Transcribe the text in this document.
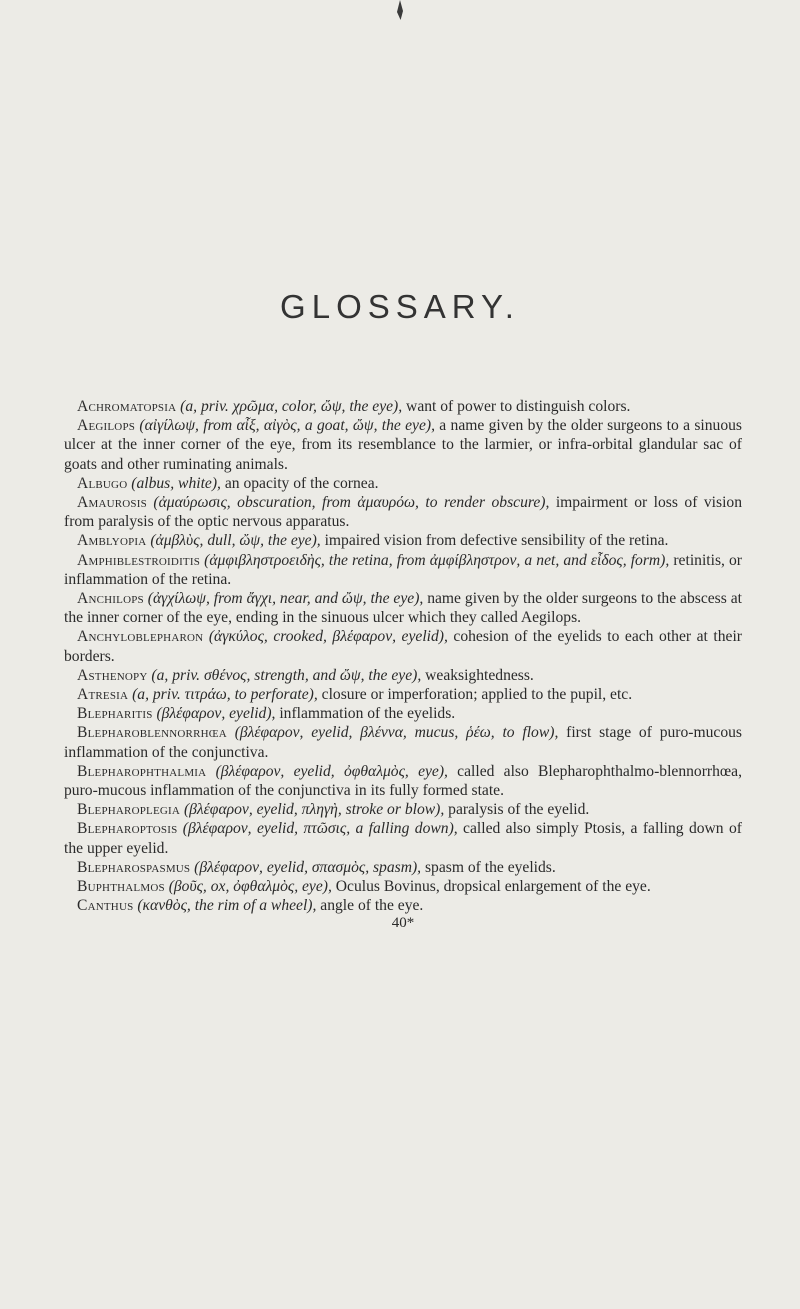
GLOSSARY.

Achromatopsia (a, priv. χρῶμα, color, ὤψ, the eye), want of power to distinguish colors.

Aegilops (αἰγίλωψ, from αἶξ, αἰγὸς, a goat, ὤψ, the eye), a name given by the older surgeons to a sinuous ulcer at the inner corner of the eye, from its resemblance to the larmier, or infra-orbital glandular sac of goats and other ruminating animals.

Albugo (albus, white), an opacity of the cornea.

Amaurosis (ἀμαύρωσις, obscuration, from ἀμαυρόω, to render obscure), impairment or loss of vision from paralysis of the optic nervous apparatus.

Amblyopia (ἀμβλὺς, dull, ὤψ, the eye), impaired vision from defective sensibility of the retina.

Amphiblestroiditis (ἀμφιβληστροειδὴς, the retina, from ἀμφίβληστρον, a net, and εἶδος, form), retinitis, or inflammation of the retina.

Anchilops (ἀγχίλωψ, from ἄγχι, near, and ὤψ, the eye), name given by the older surgeons to the abscess at the inner corner of the eye, ending in the sinuous ulcer which they called Aegilops.

Anchyloblepharon (ἀγκύλος, crooked, βλέφαρον, eyelid), cohesion of the eyelids to each other at their borders.

Asthenopy (a, priv. σθένος, strength, and ὤψ, the eye), weaksightedness.

Atresia (a, priv. τιτράω, to perforate), closure or imperforation; applied to the pupil, etc.

Blepharitis (βλέφαρον, eyelid), inflammation of the eyelids.

Blepharoblennorrhœa (βλέφαρον, eyelid, βλέννα, mucus, ῥέω, to flow), first stage of puro-mucous inflammation of the conjunctiva.

Blepharophthalmia (βλέφαρον, eyelid, ὀφθαλμὸς, eye), called also Blepharophthalmo-blennorrhœa, puro-mucous inflammation of the conjunctiva in its fully formed state.

Blepharoplegia (βλέφαρον, eyelid, πληγὴ, stroke or blow), paralysis of the eyelid.

Blepharoptosis (βλέφαρον, eyelid, πτῶσις, a falling down), called also simply Ptosis, a falling down of the upper eyelid.

Blepharospasmus (βλέφαρον, eyelid, σπασμὸς, spasm), spasm of the eyelids.

Buphthalmos (βοῦς, ox, ὀφθαλμὸς, eye), Oculus Bovinus, dropsical enlargement of the eye.

Canthus (κανθὸς, the rim of a wheel), angle of the eye.

40*
